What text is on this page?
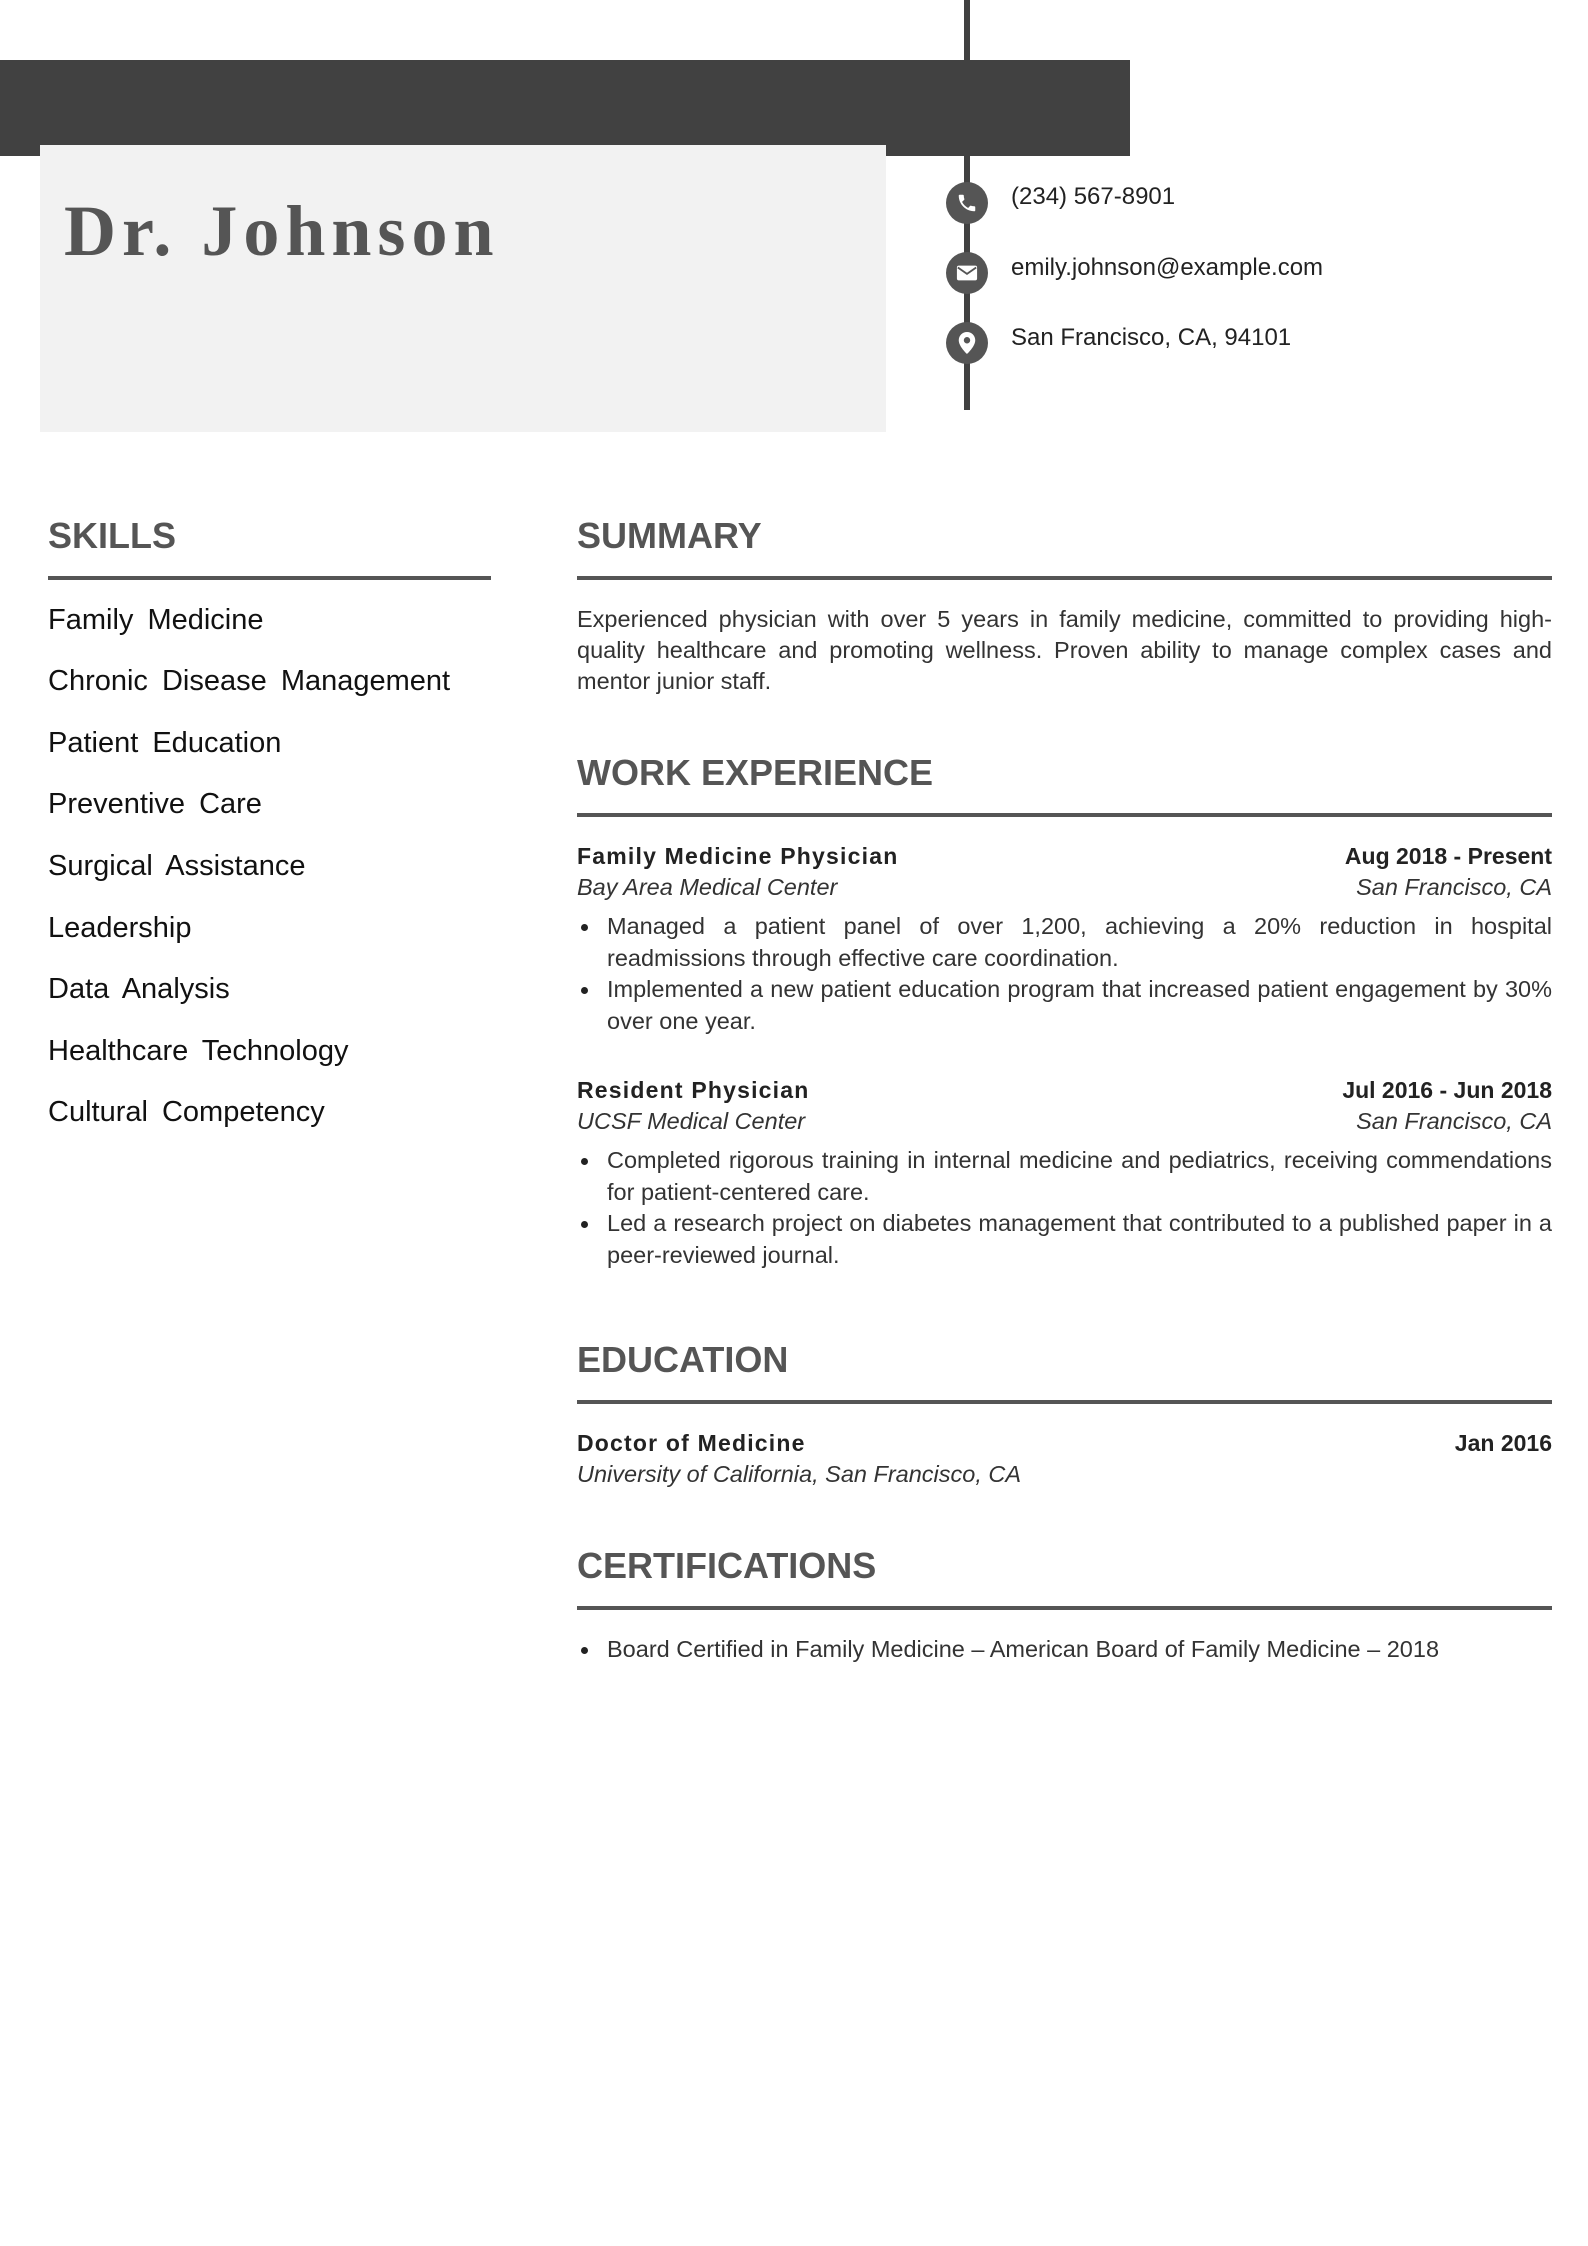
Dr. Johnson	(234) 567-8901
emily.johnson@example.com
San Francisco, CA, 94101
SKILLS
Family Medicine
Chronic Disease Management
Patient Education
Preventive Care
Surgical Assistance
Leadership
Data Analysis
Healthcare Technology
Cultural Competency
SUMMARY

Experienced physician with over 5 years in family medicine, committed to providing high-quality healthcare and promoting wellness. Proven ability to manage complex cases and mentor junior staff.

WORK EXPERIENCE
Family Medicine Physician	Aug 2018 - Present
Bay Area Medical Center	San Francisco, CA
Managed a patient panel of over 1,200, achieving a 20% reduction in hospital readmissions through effective care coordination.
Implemented a new patient education program that increased patient engagement by 30% over one year.
Resident Physician	Jul 2016 - Jun 2018
UCSF Medical Center	San Francisco, CA
Completed rigorous training in internal medicine and pediatrics, receiving commendations for patient-centered care.
Led a research project on diabetes management that contributed to a published paper in a peer-reviewed journal.
EDUCATION
Doctor of Medicine	Jan 2016
University of California, San Francisco, CA
CERTIFICATIONS
Board Certified in Family Medicine – American Board of Family Medicine – 2018
